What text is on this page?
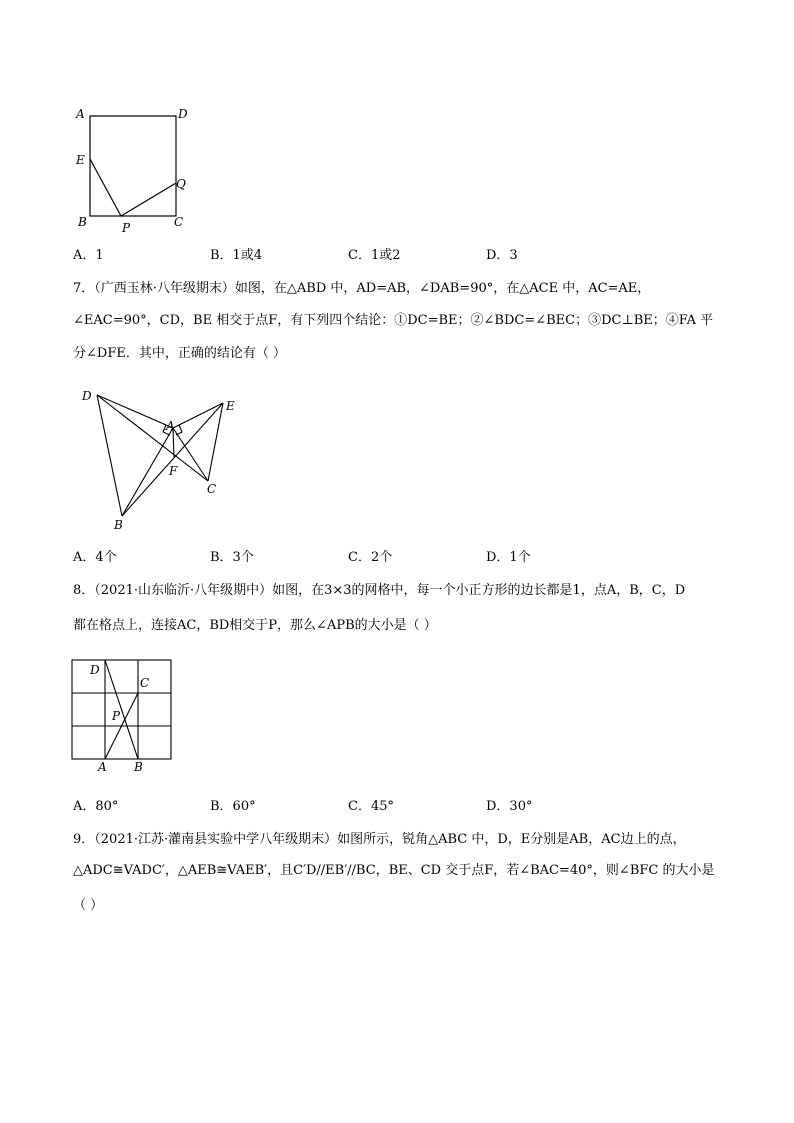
A	D
E
Q
B	P	C
A．1	B．1或4	C．1或2	D．3
7．（广西玉林·八年级期末）如图，在△ABD 中，AD=AB，∠DAB=90°，在△ACE 中，AC=AE，
∠EAC=90°，CD，BE 相交于点F，有下列四个结论：①DC=BE；②∠BDC=∠BEC；③DC⊥BE；④FA 平
分∠DFE．其中，正确的结论有（ ）
D
A
E
F
C
B
A．4个	B．3个	C．2个	D．1个
8．（2021·山东临沂·八年级期中）如图，在3×3的网格中，每一个小正方形的边长都是1，点A，B，C，D
都在格点上，连接AC，BD相交于P，那么∠APB的大小是（ ）
D
C
P
A B
A．80°	B．60°	C．45°	D．30°
9．（2021·江苏·灌南县实验中学八年级期末）如图所示，锐角△ABC 中，D，E分别是AB，AC边上的点，
△ADC≅VADC′，△AEB≅VAEB′，且C′D//EB′//BC，BE、CD 交于点F，若∠BAC=40°，则∠BFC 的大小是
（ ）
